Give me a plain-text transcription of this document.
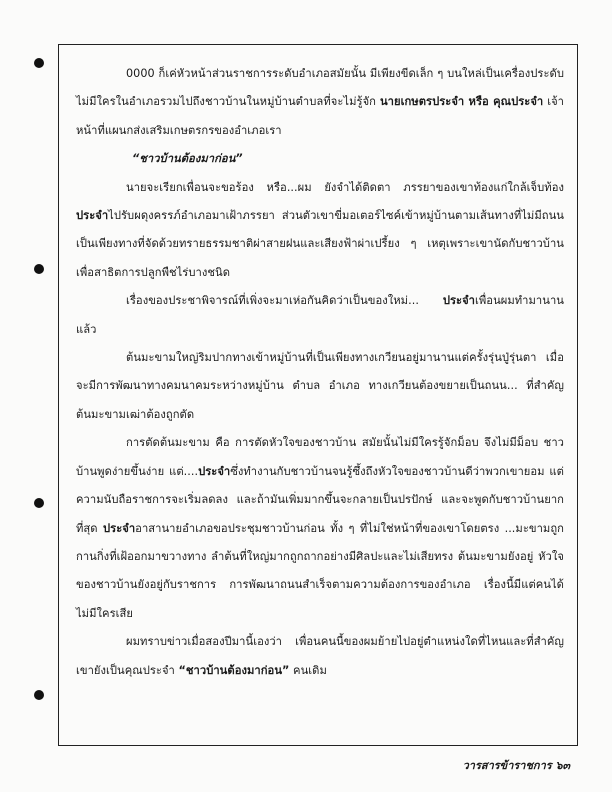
0000 ก็เค่หัวหน้าส่วนราชการระดับอำเภอสมัยนั้น มีเพียงขีดเล็ก ๆ บนใหล่เป็นเครื่องประดับ ไม่มีใครในอำเภอรวมไปถึงชาวบ้านในหมู่บ้านตำบลที่จะไม่รู้จัก นายเกษตรประจำ หรือ คุณประจำ เจ้าหน้าที่แผนกส่งเสริมเกษตรกรของอำเภอเรา

“ชาวบ้านต้องมาก่อน”

นายจะเรียกเพื่อนจะขอร้อง หรือ...ผม ยังจำได้ติดตา ภรรยาของเขาท้องแก่ใกล้เจ็บท้อง ประจำไปรับผดุงครรภ์อำเภอมาเฝ้าภรรยา ส่วนตัวเขาขี่มอเตอร์ไซค์เข้าหมู่บ้านตามเส้นทางที่ไม่มีถนน เป็นเพียงทางที่จัดด้วยทรายธรรมชาติผ่าสายฝนและเสียงฟ้าผ่าเปรี้ยง ๆ เหตุเพราะเขานัดกับชาวบ้านเพื่อสาธิตการปลูกพืชไร่บางชนิด

เรื่องของประชาพิจารณ์ที่เพิ่งจะมาเห่อกันคิดว่าเป็นของใหม่... ประจำเพื่อนผมทำมานานแล้ว

ต้นมะขามใหญ่ริมปากทางเข้าหมู่บ้านที่เป็นเพียงทางเกวียนอยู่มานานแต่ครั้งรุ่นปู่รุ่นตา เมื่อจะมีการพัฒนาทางคมนาคมระหว่างหมู่บ้าน ตำบล อำเภอ ทางเกวียนต้องขยายเป็นถนน... ที่สำคัญต้นมะขามเฒ่าต้องถูกตัด

การตัดต้นมะขาม คือ การตัดหัวใจของชาวบ้าน สมัยนั้นไม่มีใครรู้จักม็อบ จึงไม่มีม็อบ ชาวบ้านพูดง่ายขึ้นง่าย แต่....ประจำซึ่งทำงานกับชาวบ้านจนรู้ซึ้งถึงหัวใจของชาวบ้านดีว่าพวกเขายอม แต่ความนับถือราชการจะเริ่มลดลง และถ้ามันเพิ่มมากขึ้นจะกลายเป็นปรปักษ์ และจะพูดกับชาวบ้านยากที่สุด ประจำอาสานายอำเภอขอประชุมชาวบ้านก่อน ทั้ง ๆ ที่ไม่ใช่หน้าที่ของเขาโดยตรง ...มะขามถูกกานกิ่งที่เฝ้ออกมาขวางทาง ลำต้นที่ใหญ่มากถูกถากอย่างมีศิลปะและไม่เสียทรง ต้นมะขามยังอยู่ หัวใจของชาวบ้านยังอยู่กับราชการ การพัฒนาถนนสำเร็จตามความต้องการของอำเภอ เรื่องนี้มีแต่คนได้ไม่มีใครเสีย

ผมทราบข่าวเมื่อสองปีมานี้เองว่า เพื่อนคนนี้ของผมย้ายไปอยู่ตำแหน่งใดที่ไหนและที่สำคัญเขายังเป็นคุณประจำ “ชาวบ้านต้องมาก่อน” คนเดิม

วารสารข้าราชการ ๖๓
